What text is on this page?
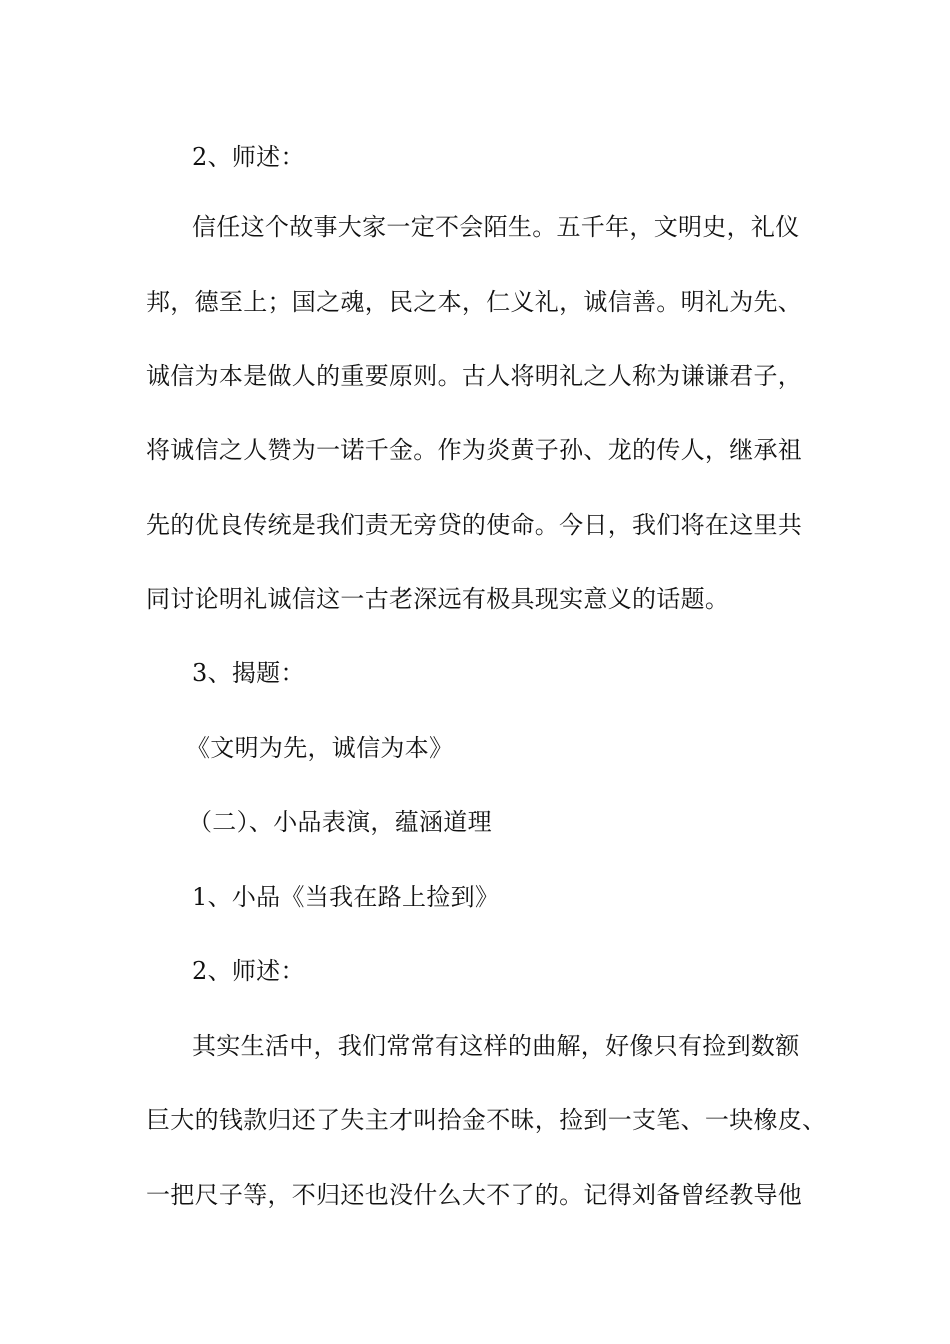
2、师述：
信任这个故事大家一定不会陌生。五千年，文明史，礼仪
邦，德至上；国之魂，民之本，仁义礼，诚信善。明礼为先、
诚信为本是做人的重要原则。古人将明礼之人称为谦谦君子，
将诚信之人赞为一诺千金。作为炎黄子孙、龙的传人，继承祖
先的优良传统是我们责无旁贷的使命。今日，我们将在这里共
同讨论明礼诚信这一古老深远有极具现实意义的话题。
3、揭题：
《文明为先，诚信为本》
（二）、小品表演，蕴涵道理
1、小品《当我在路上捡到》
2、师述：
其实生活中，我们常常有这样的曲解，好像只有捡到数额
巨大的钱款归还了失主才叫拾金不昧，捡到一支笔、一块橡皮、
一把尺子等，不归还也没什么大不了的。记得刘备曾经教导他
